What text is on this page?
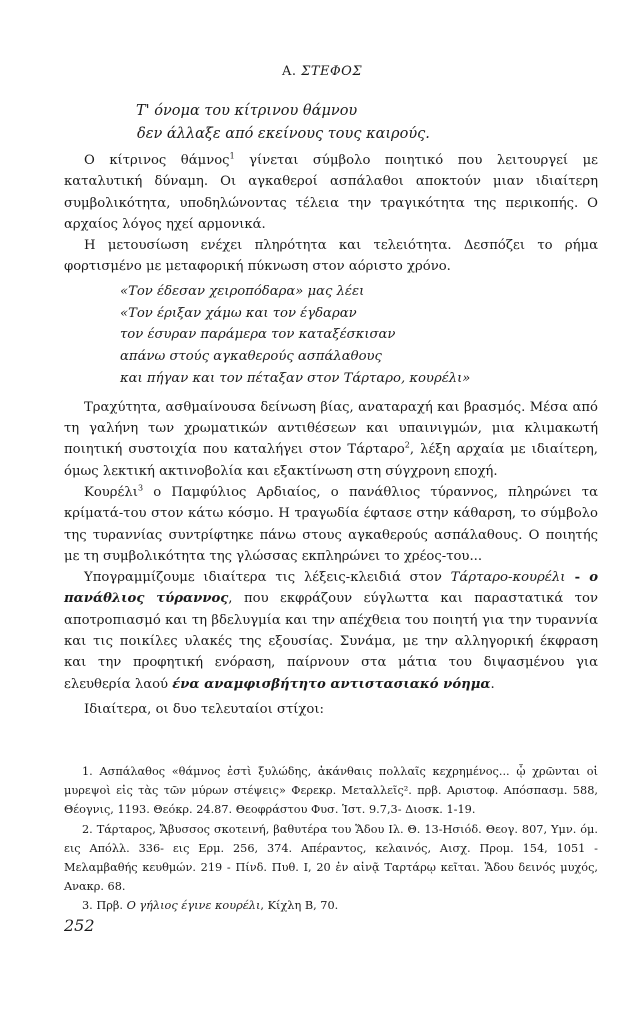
Α. ΣΤΕΦΟΣ
Τ' όνομα του κίτρινου θάμνου
δεν άλλαξε από εκείνους τους καιρούς.

Ο κίτρινος θάμνος$^1$ γίνεται σύμβολο ποιητικό που λειτουργεί με καταλυτική δύναμη. Οι αγκαθεροί ασπάλαθοι αποκτούν μιαν ιδιαίτερη συμβολικότητα, υποδηλώνοντας τέλεια την τραγικότητα της περικοπής. Ο αρχαίος λόγος ηχεί αρμονικά.

Η μετουσίωση ενέχει πληρότητα και τελειότητα. Δεσπόζει το ρήμα φορτισμένο με μεταφορική πύκνωση στον αόριστο χρόνο.

«Τον έδεσαν χειροπόδαρα» μας λέει
«Τον έριξαν χάμω και τον έγδαραν
τον έσυραν παράμερα τον καταξέσκισαν
απάνω στούς αγκαθερούς ασπάλαθους
και πήγαν και τον πέταξαν στον Τάρταρο, κουρέλι»

Τραχύτητα, ασθμαίνουσα δείνωση βίας, αναταραχή και βρασμός. Μέσα από τη γαλήνη των χρωματικών αντιθέσεων και υπαινιγμών, μια κλιμακωτή ποιητική συστοιχία που καταλήγει στον Τάρταρο$^2$, λέξη αρχαία με ιδιαίτερη, όμως λεκτική ακτινοβολία και εξακτίνωση στη σύγχρονη εποχή.

Κουρέλι$^3$ ο Παμφύλιος Αρδιαίος, ο πανάθλιος τύραννος, πληρώνει τα κρίματά-του στον κάτω κόσμο. Η τραγωδία έφτασε στην κάθαρση, το σύμβολο της τυραννίας συντρίφτηκε πάνω στους αγκαθερούς ασπάλαθους. Ο ποιητής με τη συμβολικότητα της γλώσσας εκπληρώνει το χρέος-του...

Υπογραμμίζουμε ιδιαίτερα τις λέξεις-κλειδιά στον Τάρταρο-κουρέλι - ο πανάθλιος τύραννος, που εκφράζουν εύγλωττα και παραστατικά τον αποτροπιασμό και τη βδελυγμία και την απέχθεια του ποιητή για την τυραννία και τις ποικίλες υλακές της εξουσίας. Συνάμα, με την αλληγορική έκφραση και την προφητική ενόραση, παίρνουν στα μάτια του διψασμένου για ελευθερία λαού ένα αναμφισβήτητο αντιστασιακό νόημα.

Ιδιαίτερα, οι δυο τελευταίοι στίχοι:

1. Ασπάλαθος «θάμνος ἐστὶ ξυλώδης, ἀκάνθαις πολλαῖς κεχρημένος... ᾧ χρῶνται οἱ μυρεψοὶ εἰς τὰς τῶν μύρων στέψεις» Φερεκρ. Μεταλλεῖς². πρβ. Αριστοφ. Απόσπασμ. 588, Θέογνις, 1193. Θεόκρ. 24.87. Θεοφράστου Φυσ. Ἱστ. 9.7,3- Διοσκ. 1-19.

2. Τάρταρος, Ἄβυσσος σκοτεινή, βαθυτέρα του Ἅδου Ιλ. Θ. 13-Ησιόδ. Θεογ. 807, Υμν. όμ. εις Απόλλ. 336- εις Ερμ. 256, 374. Απέραντος, κελαινός, Αισχ. Προμ. 154, 1051 - Μελαμβαθής κευθμών. 219 - Πίνδ. Πυθ. Ι, 20 ἐν αἰνᾷ Ταρτάρῳ κεῖται. Ἅδου δεινός μυχός, Ανακρ. 68.

3. Πρβ. Ο γήλιος έγινε κουρέλι, Κίχλη Β, 70.

252
